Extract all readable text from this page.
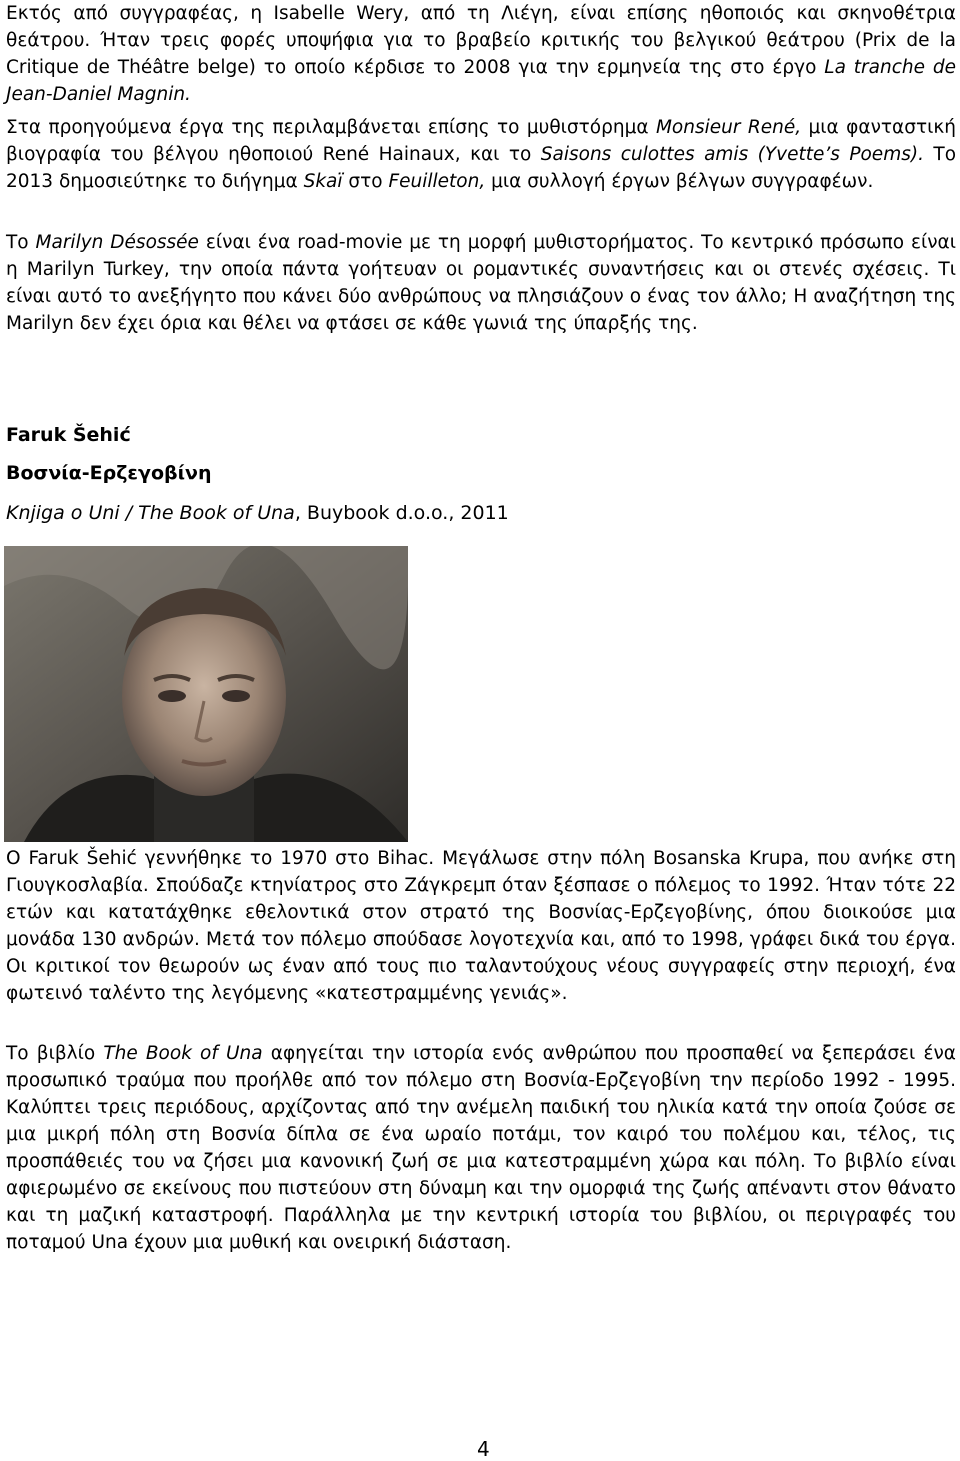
Εκτός από συγγραφέας, η Isabelle Wery, από τη Λιέγη, είναι επίσης ηθοποιός και σκηνοθέτρια θεάτρου. Ήταν τρεις φορές υποψήφια για το βραβείο κριτικής του βελγικού θεάτρου (Prix de la Critique de Théâtre belge) το οποίο κέρδισε το 2008 για την ερμηνεία της στο έργο La tranche de Jean-Daniel Magnin.

Στα προηγούμενα έργα της περιλαμβάνεται επίσης το μυθιστόρημα Monsieur René, μια φανταστική βιογραφία του βέλγου ηθοποιού René Hainaux, και το Saisons culottes amis (Yvette’s Poems). Το 2013 δημοσιεύτηκε το διήγημα Skaï στο Feuilleton, μια συλλογή έργων βέλγων συγγραφέων.

Το Marilyn Désossée είναι ένα road-movie με τη μορφή μυθιστορήματος. Το κεντρικό πρόσωπο είναι η Marilyn Turkey, την οποία πάντα γοήτευαν οι ρομαντικές συναντήσεις και οι στενές σχέσεις. Τι είναι αυτό το ανεξήγητο που κάνει δύο ανθρώπους να πλησιάζουν ο ένας τον άλλο; Η αναζήτηση της Marilyn δεν έχει όρια και θέλει να φτάσει σε κάθε γωνιά της ύπαρξής της.

Faruk Šehić
Βοσνία-Ερζεγοβίνη
Knjiga o Uni / The Book of Una, Buybook d.o.o., 2011

O Faruk Šehić γεννήθηκε το 1970 στο Bihac. Μεγάλωσε στην πόλη Bosanska Krupa, που ανήκε στη Γιουγκοσλαβία. Σπούδαζε κτηνίατρος στο Ζάγκρεμπ όταν ξέσπασε ο πόλεμος το 1992. Ήταν τότε 22 ετών και κατατάχθηκε εθελοντικά στον στρατό της Βοσνίας-Ερζεγοβίνης, όπου διοικούσε μια μονάδα 130 ανδρών. Μετά τον πόλεμο σπούδασε λογοτεχνία και, από το 1998, γράφει δικά του έργα. Οι κριτικοί τον θεωρούν ως έναν από τους πιο ταλαντούχους νέους συγγραφείς στην περιοχή, ένα φωτεινό ταλέντο της λεγόμενης «κατεστραμμένης γενιάς».

Το βιβλίο The Book of Una αφηγείται την ιστορία ενός ανθρώπου που προσπαθεί να ξεπεράσει ένα προσωπικό τραύμα που προήλθε από τον πόλεμο στη Βοσνία-Ερζεγοβίνη την περίοδο 1992 - 1995. Καλύπτει τρεις περιόδους, αρχίζοντας από την ανέμελη παιδική του ηλικία κατά την οποία ζούσε σε μια μικρή πόλη στη Βοσνία δίπλα σε ένα ωραίο ποτάμι, τον καιρό του πολέμου και, τέλος, τις προσπάθειές του να ζήσει μια κανονική ζωή σε μια κατεστραμμένη χώρα και πόλη. Το βιβλίο είναι αφιερωμένο σε εκείνους που πιστεύουν στη δύναμη και την ομορφιά της ζωής απέναντι στον θάνατο και τη μαζική καταστροφή. Παράλληλα με την κεντρική ιστορία του βιβλίου, οι περιγραφές του ποταμού Una έχουν μια μυθική και ονειρική διάσταση.

4
